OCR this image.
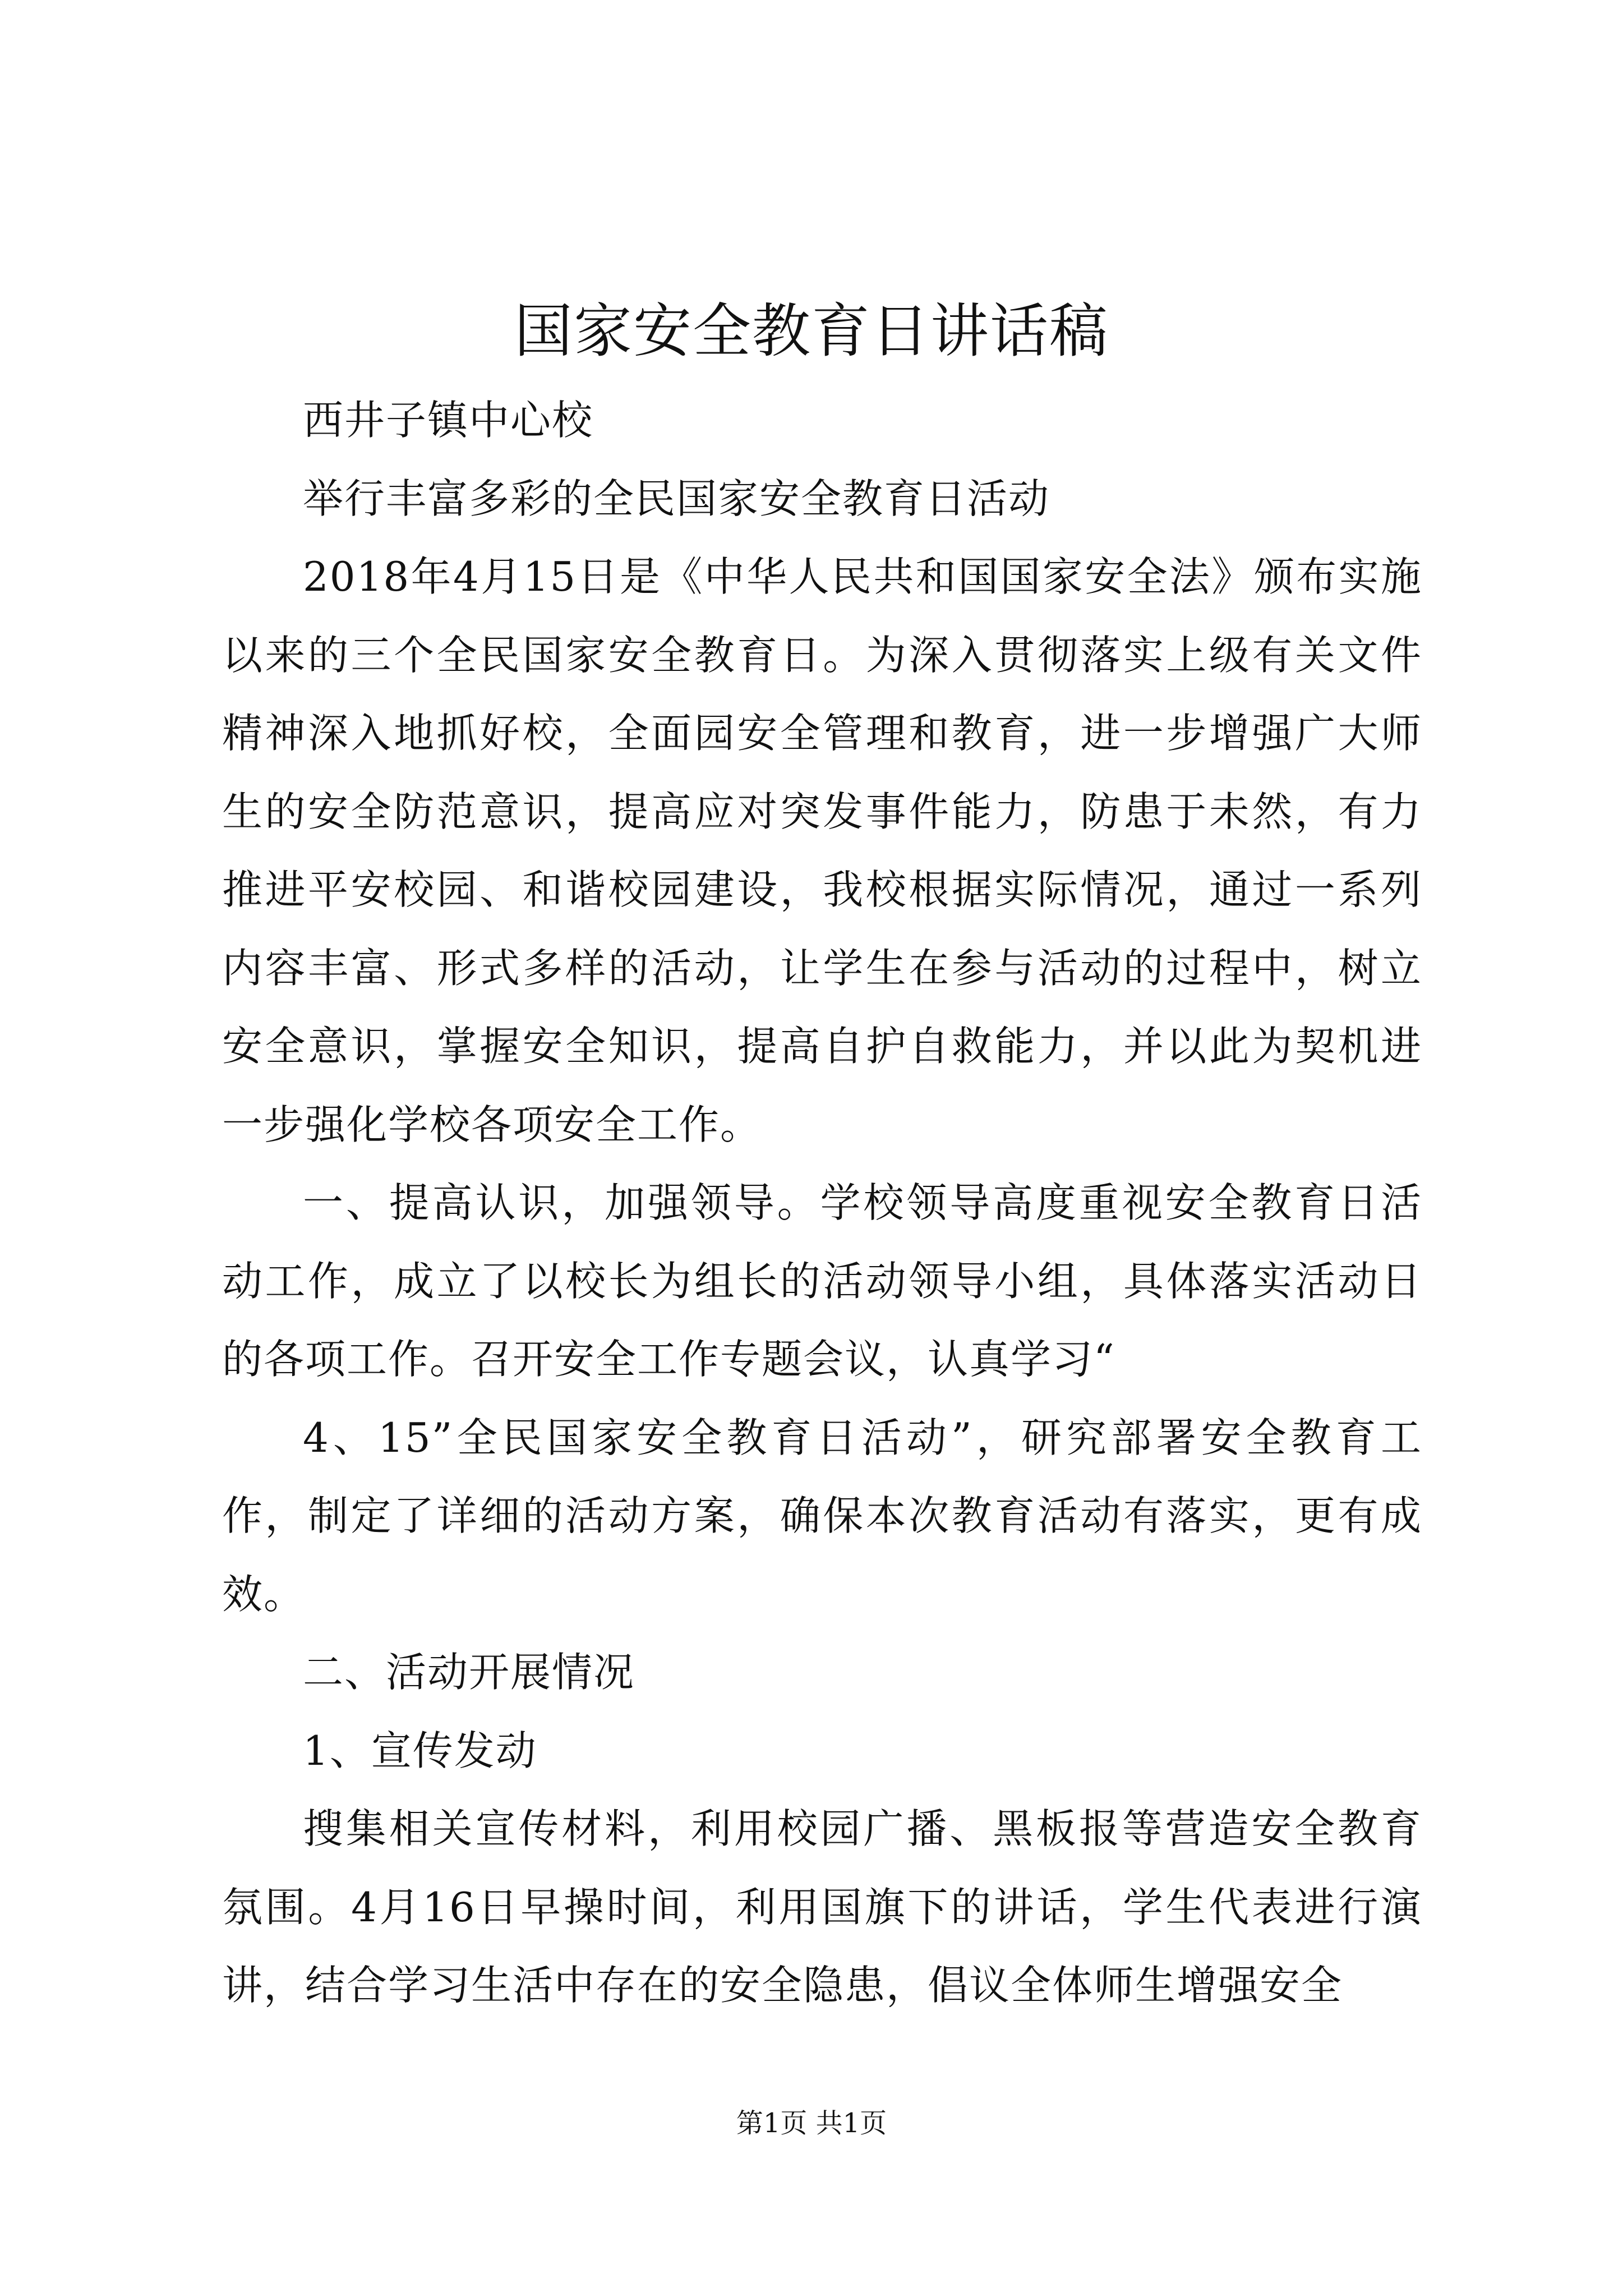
国家安全教育日讲话稿

西井子镇中心校

举行丰富多彩的全民国家安全教育日活动

2018年4月15日是《中华人民共和国国家安全法》颁布实施以来的三个全民国家安全教育日。为深入贯彻落实上级有关文件精神深入地抓好校，全面园安全管理和教育，进一步增强广大师生的安全防范意识，提高应对突发事件能力，防患于未然，有力推进平安校园、和谐校园建设，我校根据实际情况，通过一系列内容丰富、形式多样的活动，让学生在参与活动的过程中，树立安全意识，掌握安全知识，提高自护自救能力，并以此为契机进一步强化学校各项安全工作。

一、提高认识，加强领导。学校领导高度重视安全教育日活动工作，成立了以校长为组长的活动领导小组，具体落实活动日的各项工作。召开安全工作专题会议，认真学习“

4、15”全民国家安全教育日活动”，研究部署安全教育工作，制定了详细的活动方案，确保本次教育活动有落实，更有成效。

二、活动开展情况

1、宣传发动

搜集相关宣传材料，利用校园广播、黑板报等营造安全教育氛围。4月16日早操时间，利用国旗下的讲话，学生代表进行演讲，结合学习生活中存在的安全隐患，倡议全体师生增强安全

第1页 共1页
